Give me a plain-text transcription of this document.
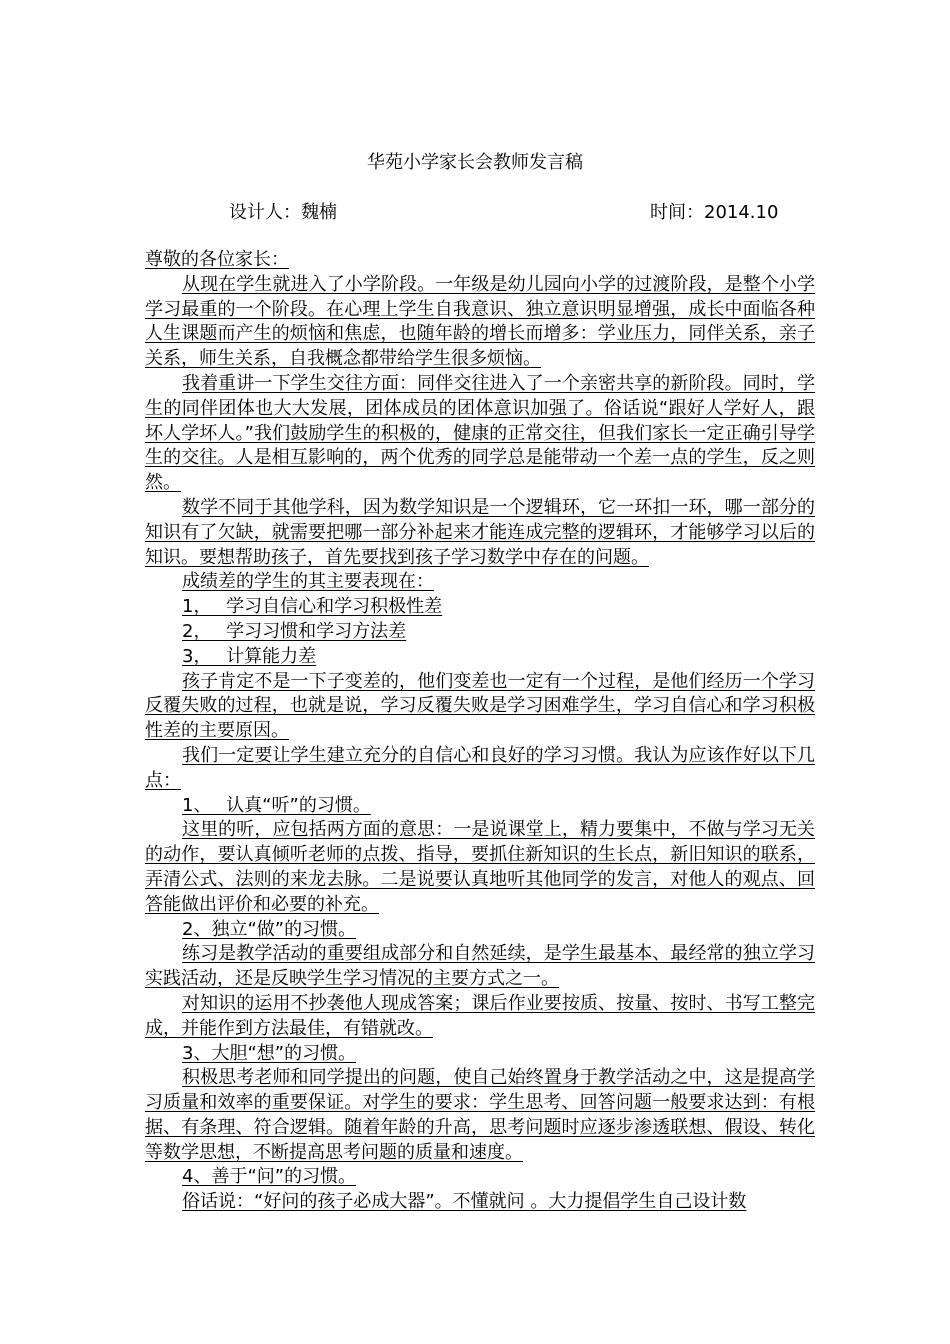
华苑小学家长会教师发言稿
设计人：魏楠	时间：2014.10

尊敬的各位家长：

从现在学生就进入了小学阶段。一年级是幼儿园向小学的过渡阶段，是整个小学学习最重的一个阶段。在心理上学生自我意识、独立意识明显增强，成长中面临各种人生课题而产生的烦恼和焦虑，也随年龄的增长而增多：学业压力，同伴关系，亲子关系，师生关系，自我概念都带给学生很多烦恼。

我着重讲一下学生交往方面：同伴交往进入了一个亲密共享的新阶段。同时，学生的同伴团体也大大发展，团体成员的团体意识加强了。俗话说“跟好人学好人，跟坏人学坏人。”我们鼓励学生的积极的，健康的正常交往，但我们家长一定正确引导学生的交往。人是相互影响的，两个优秀的同学总是能带动一个差一点的学生，反之则然。

数学不同于其他学科，因为数学知识是一个逻辑环，它一环扣一环，哪一部分的知识有了欠缺，就需要把哪一部分补起来才能连成完整的逻辑环，才能够学习以后的知识。要想帮助孩子，首先要找到孩子学习数学中存在的问题。

成绩差的学生的其主要表现在：

1，　 学习自信心和学习积极性差

2，　 学习习惯和学习方法差

3，　 计算能力差

孩子肯定不是一下子变差的，他们变差也一定有一个过程，是他们经历一个学习反覆失败的过程，也就是说，学习反覆失败是学习困难学生，学习自信心和学习积极性差的主要原因。

我们一定要让学生建立充分的自信心和良好的学习习惯。我认为应该作好以下几点：

1、　 认真“听”的习惯。

这里的听，应包括两方面的意思：一是说课堂上，精力要集中，不做与学习无关的动作，要认真倾听老师的点拨、指导，要抓住新知识的生长点，新旧知识的联系，弄清公式、法则的来龙去脉。二是说要认真地听其他同学的发言，对他人的观点、回答能做出评价和必要的补充。

2、独立“做”的习惯。

练习是教学活动的重要组成部分和自然延续，是学生最基本、最经常的独立学习实践活动，还是反映学生学习情况的主要方式之一。

对知识的运用不抄袭他人现成答案；课后作业要按质、按量、按时、书写工整完成，并能作到方法最佳，有错就改。

3、大胆“想”的习惯。

积极思考老师和同学提出的问题，使自己始终置身于教学活动之中，这是提高学习质量和效率的重要保证。对学生的要求：学生思考、回答问题一般要求达到：有根据、有条理、符合逻辑。随着年龄的升高，思考问题时应逐步渗透联想、假设、转化等数学思想，不断提高思考问题的质量和速度。

4、善于“问”的习惯。

俗话说：“好问的孩子必成大器”。不懂就问 。大力提倡学生自己设计数
